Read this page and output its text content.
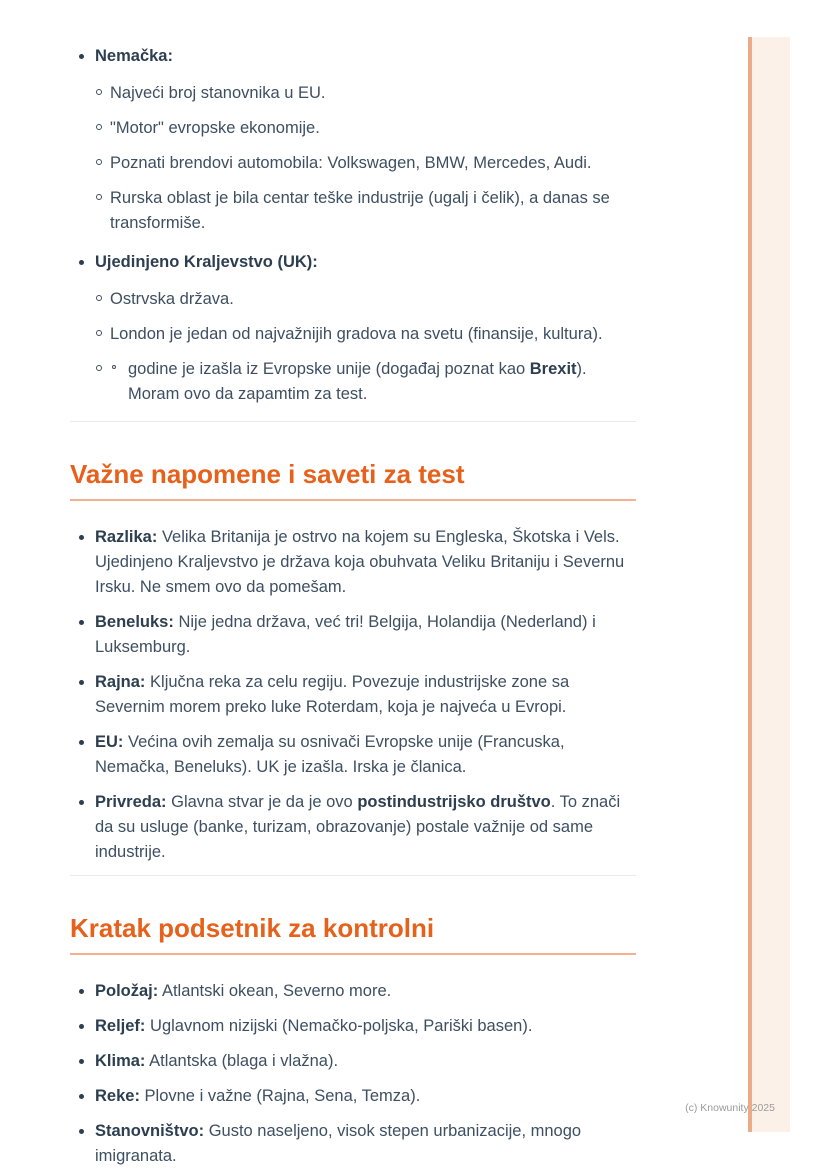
Nemačka:
Najveći broj stanovnika u EU.
"Motor" evropske ekonomije.
Poznati brendovi automobila: Volkswagen, BMW, Mercedes, Audi.
Rurska oblast je bila centar teške industrije (ugalj i čelik), a danas se transformiše.
Ujedinjeno Kraljevstvo (UK):
Ostrvska država.
London je jedan od najvažnijih gradova na svetu (finansije, kultura).
godine je izašla iz Evropske unije (događaj poznat kao Brexit). Moram ovo da zapamtim za test.
Važne napomene i saveti za test
Razlika: Velika Britanija je ostrvo na kojem su Engleska, Škotska i Vels. Ujedinjeno Kraljevstvo je država koja obuhvata Veliku Britaniju i Severnu Irsku. Ne smem ovo da pomešam.
Beneluks: Nije jedna država, već tri! Belgija, Holandija (Nederland) i Luksemburg.
Rajna: Ključna reka za celu regiju. Povezuje industrijske zone sa Severnim morem preko luke Roterdam, koja je najveća u Evropi.
EU: Većina ovih zemalja su osnivači Evropske unije (Francuska, Nemačka, Beneluks). UK je izašla. Irska je članica.
Privreda: Glavna stvar je da je ovo postindustrijsko društvo. To znači da su usluge (banke, turizam, obrazovanje) postale važnije od same industrije.
Kratak podsetnik za kontrolni
Položaj: Atlantski okean, Severno more.
Reljef: Uglavnom nizijski (Nemačko-poljska, Pariški basen).
Klima: Atlantska (blaga i vlažna).
Reke: Plovne i važne (Rajna, Sena, Temza).
Stanovništvo: Gusto naseljeno, visok stepen urbanizacije, mnogo imigranata.
(c) Knowunity 2025
